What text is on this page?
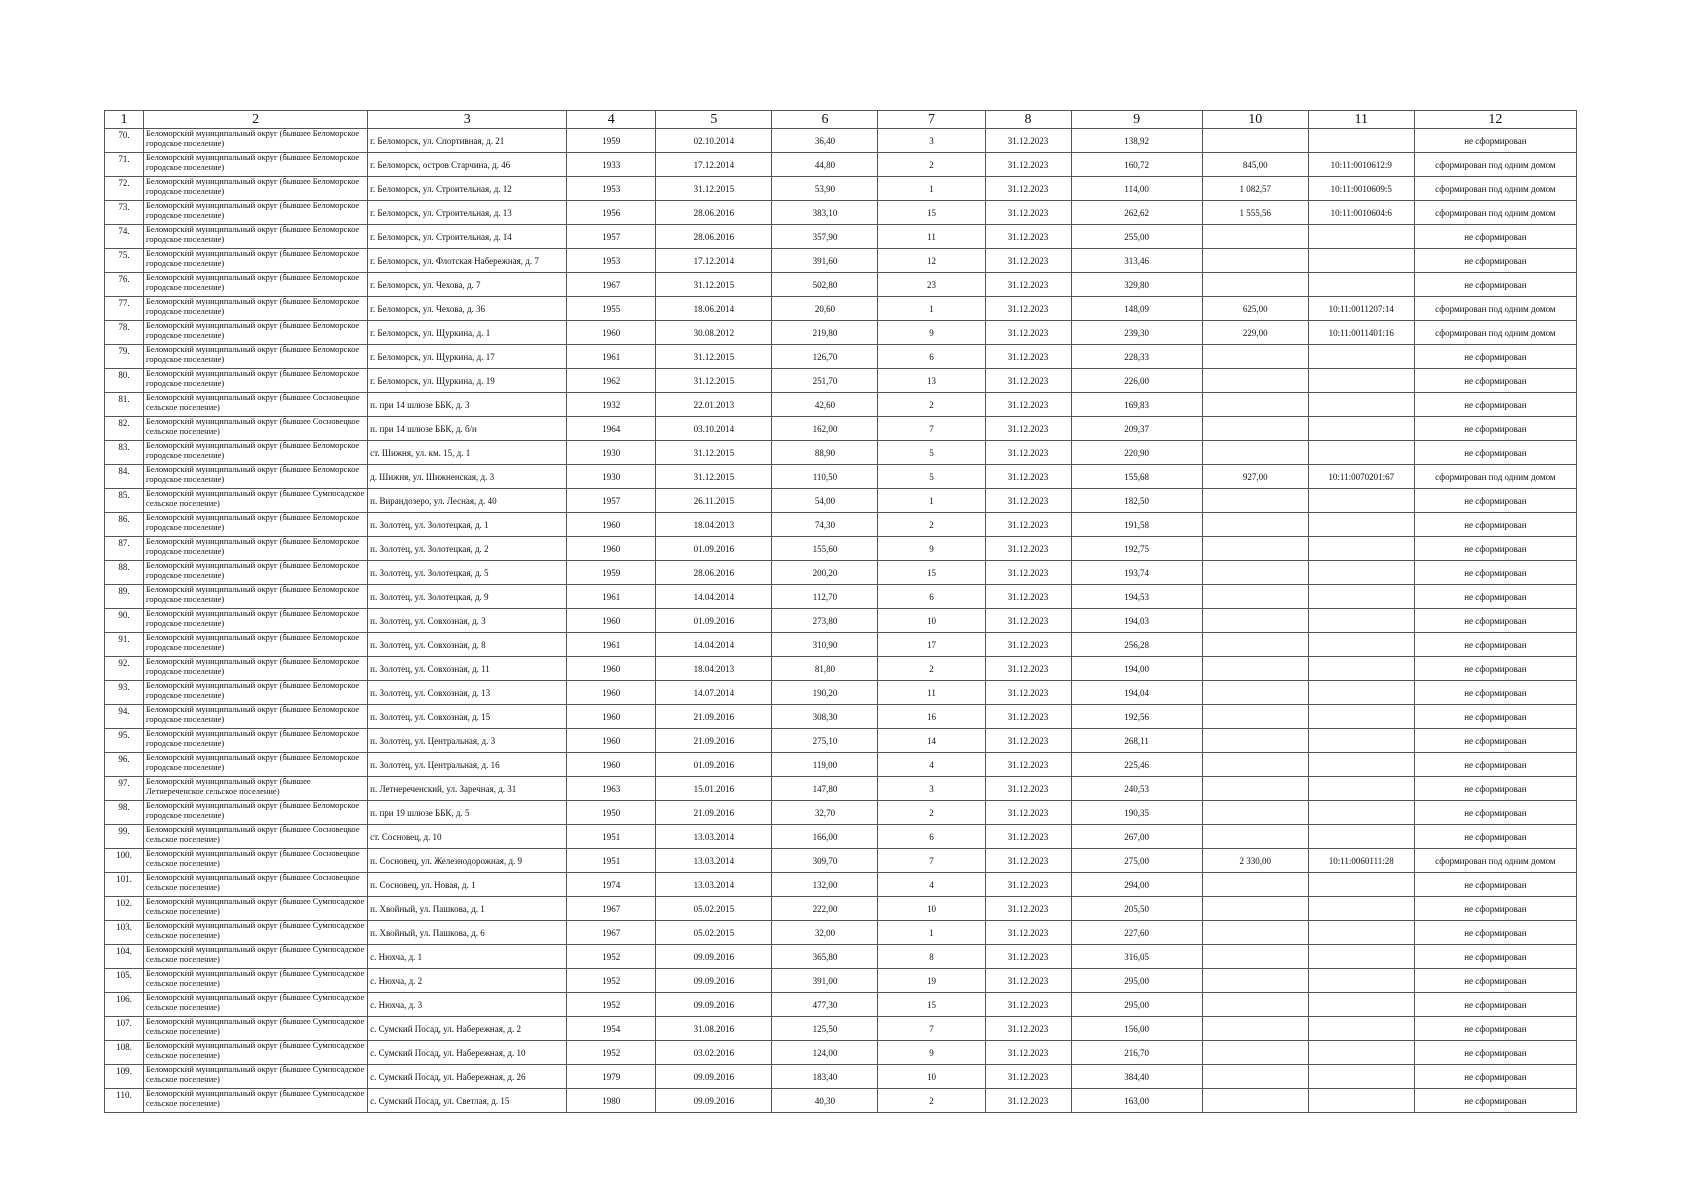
1	2	3	4	5	6	7	8	9	10	11	12
70.	Беломорский муниципальный округ (бывшее Беломорское городское поселение)	г. Беломорск, ул. Спортивная, д. 21	1959	02.10.2014	36,40	3	31.12.2023	138,92			не сформирован
71.	Беломорский муниципальный округ (бывшее Беломорское городское поселение)	г. Беломорск, остров Старчина, д. 46	1933	17.12.2014	44,80	2	31.12.2023	160,72	845,00	10:11:0010612:9	сформирован под одним домом
72.	Беломорский муниципальный округ (бывшее Беломорское городское поселение)	г. Беломорск, ул. Строительная, д. 12	1953	31.12.2015	53,90	1	31.12.2023	114,00	1 082,57	10:11:0010609:5	сформирован под одним домом
73.	Беломорский муниципальный округ (бывшее Беломорское городское поселение)	г. Беломорск, ул. Строительная, д. 13	1956	28.06.2016	383,10	15	31.12.2023	262,62	1 555,56	10:11:0010604:6	сформирован под одним домом
74.	Беломорский муниципальный округ (бывшее Беломорское городское поселение)	г. Беломорск, ул. Строительная, д. 14	1957	28.06.2016	357,90	11	31.12.2023	255,00			не сформирован
75.	Беломорский муниципальный округ (бывшее Беломорское городское поселение)	г. Беломорск, ул. Флотская Набережная, д. 7	1953	17.12.2014	391,60	12	31.12.2023	313,46			не сформирован
76.	Беломорский муниципальный округ (бывшее Беломорское городское поселение)	г. Беломорск, ул. Чехова, д. 7	1967	31.12.2015	502,80	23	31.12.2023	329,80			не сформирован
77.	Беломорский муниципальный округ (бывшее Беломорское городское поселение)	г. Беломорск, ул. Чехова, д. 36	1955	18.06.2014	20,60	1	31.12.2023	148,09	625,00	10:11:0011207:14	сформирован под одним домом
78.	Беломорский муниципальный округ (бывшее Беломорское городское поселение)	г. Беломорск, ул. Щуркина, д. 1	1960	30.08.2012	219,80	9	31.12.2023	239,30	229,00	10:11:0011401:16	сформирован под одним домом
79.	Беломорский муниципальный округ (бывшее Беломорское городское поселение)	г. Беломорск, ул. Щуркина, д. 17	1961	31.12.2015	126,70	6	31.12.2023	228,33			не сформирован
80.	Беломорский муниципальный округ (бывшее Беломорское городское поселение)	г. Беломорск, ул. Щуркина, д. 19	1962	31.12.2015	251,70	13	31.12.2023	226,00			не сформирован
81.	Беломорский муниципальный округ (бывшее Сосновецкое сельское поселение)	п. при 14 шлюзе ББК, д. 3	1932	22.01.2013	42,60	2	31.12.2023	169,83			не сформирован
82.	Беломорский муниципальный округ (бывшее Сосновецкое сельское поселение)	п. при 14 шлюзе ББК, д. б/н	1964	03.10.2014	162,00	7	31.12.2023	209,37			не сформирован
83.	Беломорский муниципальный округ (бывшее Беломорское городское поселение)	ст. Шижня, ул. км. 15, д. 1	1930	31.12.2015	88,90	5	31.12.2023	220,90			не сформирован
84.	Беломорский муниципальный округ (бывшее Беломорское городское поселение)	д. Шижня, ул. Шижненская, д. 3	1930	31.12.2015	110,50	5	31.12.2023	155,68	927,00	10:11:0070201:67	сформирован под одним домом
85.	Беломорский муниципальный округ (бывшее Сумпосадское сельское поселение)	п. Вирандозеро, ул. Лесная, д. 40	1957	26.11.2015	54,00	1	31.12.2023	182,50			не сформирован
86.	Беломорский муниципальный округ (бывшее Беломорское городское поселение)	п. Золотец, ул. Золотецкая, д. 1	1960	18.04.2013	74,30	2	31.12.2023	191,58			не сформирован
87.	Беломорский муниципальный округ (бывшее Беломорское городское поселение)	п. Золотец, ул. Золотецкая, д. 2	1960	01.09.2016	155,60	9	31.12.2023	192,75			не сформирован
88.	Беломорский муниципальный округ (бывшее Беломорское городское поселение)	п. Золотец, ул. Золотецкая, д. 5	1959	28.06.2016	200,20	15	31.12.2023	193,74			не сформирован
89.	Беломорский муниципальный округ (бывшее Беломорское городское поселение)	п. Золотец, ул. Золотецкая, д. 9	1961	14.04.2014	112,70	6	31.12.2023	194,53			не сформирован
90.	Беломорский муниципальный округ (бывшее Беломорское городское поселение)	п. Золотец, ул. Совхозная, д. 3	1960	01.09.2016	273,80	10	31.12.2023	194,03			не сформирован
91.	Беломорский муниципальный округ (бывшее Беломорское городское поселение)	п. Золотец, ул. Совхозная, д. 8	1961	14.04.2014	310,90	17	31.12.2023	256,28			не сформирован
92.	Беломорский муниципальный округ (бывшее Беломорское городское поселение)	п. Золотец, ул. Совхозная, д. 11	1960	18.04.2013	81,80	2	31.12.2023	194,00			не сформирован
93.	Беломорский муниципальный округ (бывшее Беломорское городское поселение)	п. Золотец, ул. Совхозная, д. 13	1960	14.07.2014	190,20	11	31.12.2023	194,04			не сформирован
94.	Беломорский муниципальный округ (бывшее Беломорское городское поселение)	п. Золотец, ул. Совхозная, д. 15	1960	21.09.2016	308,30	16	31.12.2023	192,56			не сформирован
95.	Беломорский муниципальный округ (бывшее Беломорское городское поселение)	п. Золотец, ул. Центральная, д. 3	1960	21.09.2016	275,10	14	31.12.2023	268,11			не сформирован
96.	Беломорский муниципальный округ (бывшее Беломорское городское поселение)	п. Золотец, ул. Центральная, д. 16	1960	01.09.2016	119,00	4	31.12.2023	225,46			не сформирован
97.	Беломорский муниципальный округ (бывшее Летнереченское сельское поселение)	п. Летнереченский, ул. Заречная, д. 31	1963	15.01.2016	147,80	3	31.12.2023	240,53			не сформирован
98.	Беломорский муниципальный округ (бывшее Беломорское городское поселение)	п. при 19 шлюзе ББК, д. 5	1950	21.09.2016	32,70	2	31.12.2023	190,35			не сформирован
99.	Беломорский муниципальный округ (бывшее Сосновецкое сельское поселение)	ст. Сосновец, д. 10	1951	13.03.2014	166,00	6	31.12.2023	267,00			не сформирован
100.	Беломорский муниципальный округ (бывшее Сосновецкое сельское поселение)	п. Сосновец, ул. Железнодорожная, д. 9	1951	13.03.2014	309,70	7	31.12.2023	275,00	2 330,00	10:11:0060111:28	сформирован под одним домом
101.	Беломорский муниципальный округ (бывшее Сосновецкое сельское поселение)	п. Сосновец, ул. Новая, д. 1	1974	13.03.2014	132,00	4	31.12.2023	294,00			не сформирован
102.	Беломорский муниципальный округ (бывшее Сумпосадское сельское поселение)	п. Хвойный, ул. Пашкова, д. 1	1967	05.02.2015	222,00	10	31.12.2023	205,50			не сформирован
103.	Беломорский муниципальный округ (бывшее Сумпосадское сельское поселение)	п. Хвойный, ул. Пашкова, д. 6	1967	05.02.2015	32,00	1	31.12.2023	227,60			не сформирован
104.	Беломорский муниципальный округ (бывшее Сумпосадское сельское поселение)	с. Нюхча, д. 1	1952	09.09.2016	365,80	8	31.12.2023	316,05			не сформирован
105.	Беломорский муниципальный округ (бывшее Сумпосадское сельское поселение)	с. Нюхча, д. 2	1952	09.09.2016	391,00	19	31.12.2023	295,00			не сформирован
106.	Беломорский муниципальный округ (бывшее Сумпосадское сельское поселение)	с. Нюхча, д. 3	1952	09.09.2016	477,30	15	31.12.2023	295,00			не сформирован
107.	Беломорский муниципальный округ (бывшее Сумпосадское сельское поселение)	с. Сумский Посад, ул. Набережная, д. 2	1954	31.08.2016	125,50	7	31.12.2023	156,00			не сформирован
108.	Беломорский муниципальный округ (бывшее Сумпосадское сельское поселение)	с. Сумский Посад, ул. Набережная, д. 10	1952	03.02.2016	124,00	9	31.12.2023	216,70			не сформирован
109.	Беломорский муниципальный округ (бывшее Сумпосадское сельское поселение)	с. Сумский Посад, ул. Набережная, д. 26	1979	09.09.2016	183,40	10	31.12.2023	384,40			не сформирован
110.	Беломорский муниципальный округ (бывшее Сумпосадское сельское поселение)	с. Сумский Посад, ул. Светлая, д. 15	1980	09.09.2016	40,30	2	31.12.2023	163,00			не сформирован
